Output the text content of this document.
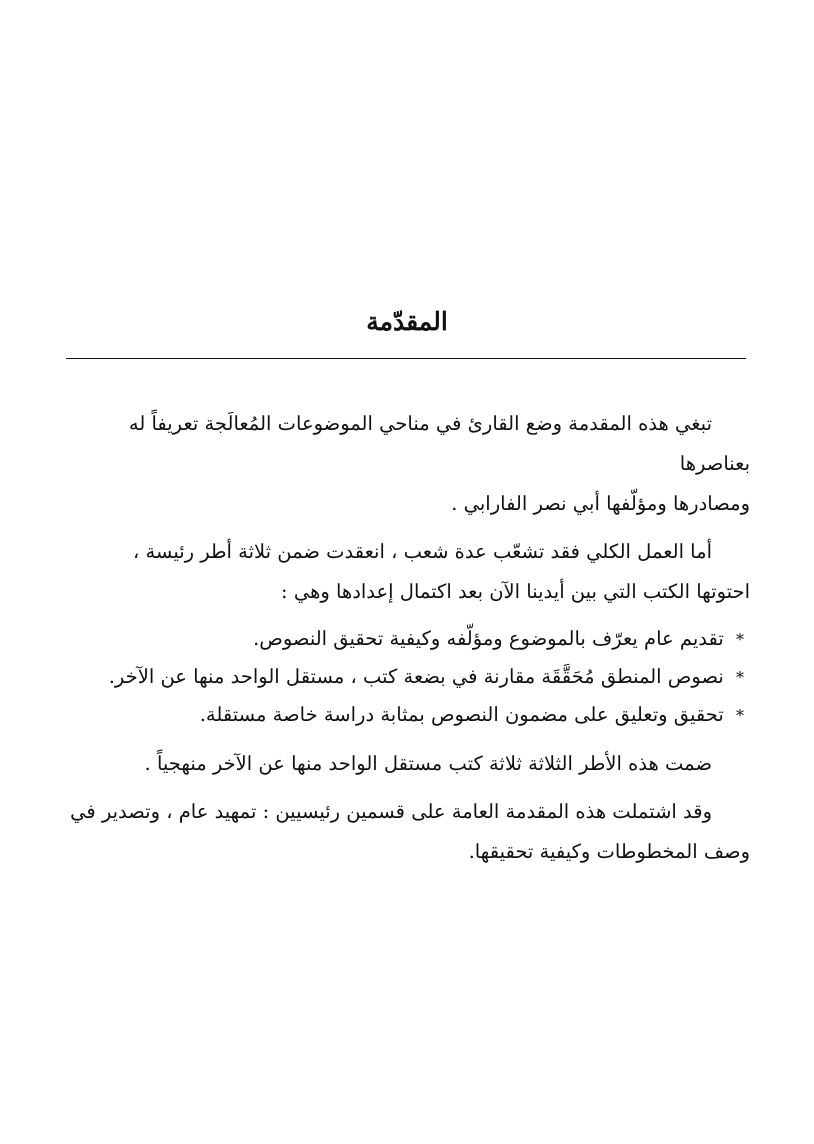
المقدّمة

تبغي هذه المقدمة وضع القارئ في مناحي الموضوعات المُعالَجة تعريفاً له بعناصرها
ومصادرها ومؤلّفها أبي نصر الفارابي .

أما العمل الكلي فقد تشعّب عدة شعب ، انعقدت ضمن ثلاثة أطر رئيسة ،
احتوتها الكتب التي بين أيدينا الآن بعد اكتمال إعدادها وهي :

* تقديم عام يعرّف بالموضوع ومؤلّفه وكيفية تحقيق النصوص.
* نصوص المنطق مُحَقَّقَة مقارنة في بضعة كتب ، مستقل الواحد منها عن الآخر.
* تحقيق وتعليق على مضمون النصوص بمثابة دراسة خاصة مستقلة.

ضمت هذه الأطر الثلاثة ثلاثة كتب مستقل الواحد منها عن الآخر منهجياً .

وقد اشتملت هذه المقدمة العامة على قسمين رئيسيين : تمهيد عام ، وتصدير في
وصف المخطوطات وكيفية تحقيقها.
